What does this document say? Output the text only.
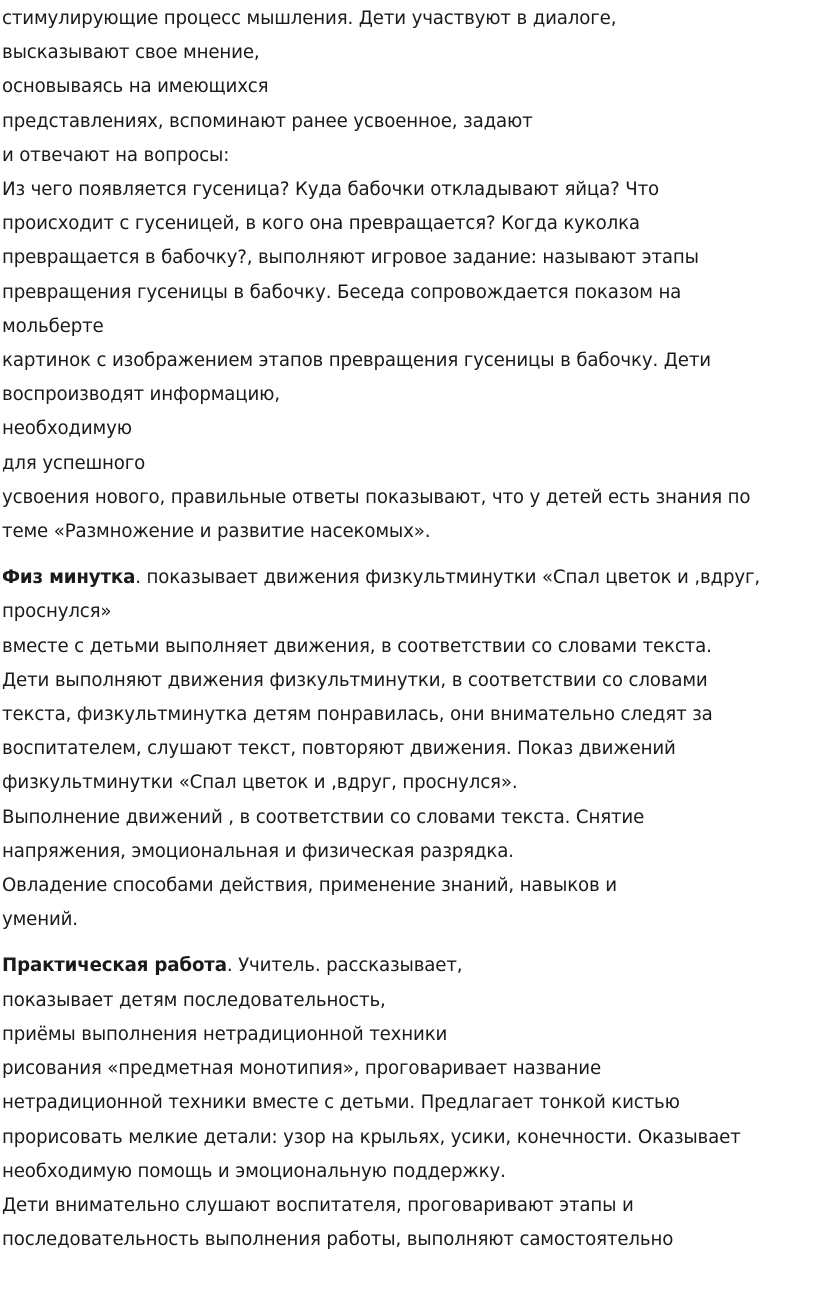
стимулирующие процесс мышления. Дети участвуют в диалоге,
высказывают свое мнение,
основываясь на имеющихся
представлениях, вспоминают ранее усвоенное, задают
и отвечают на вопросы:
Из чего появляется гусеница? Куда бабочки откладывают яйца? Что
происходит с гусеницей, в кого она превращается? Когда куколка
превращается в бабочку?, выполняют игровое задание: называют этапы
превращения гусеницы в бабочку. Беседа сопровождается показом на
мольберте
картинок с изображением этапов превращения гусеницы в бабочку. Дети
воспроизводят информацию,
необходимую
для успешного
усвоения нового, правильные ответы показывают, что у детей есть знания по
теме «Размножение и развитие насекомых».
Физ минутка. показывает движения физкультминутки «Спал цветок и ,вдруг,
проснулся»
вместе с детьми выполняет движения, в соответствии со словами текста.
Дети выполняют движения физкультминутки, в соответствии со словами
текста, физкультминутка детям понравилась, они внимательно следят за
воспитателем, слушают текст, повторяют движения. Показ движений
физкультминутки «Спал цветок и ,вдруг, проснулся».
Выполнение движений , в соответствии со словами текста. Снятие
напряжения, эмоциональная и физическая разрядка.
Овладение способами действия, применение знаний, навыков и
умений.
Практическая работа. Учитель. рассказывает,
показывает детям последовательность,
приёмы выполнения нетрадиционной техники
рисования «предметная монотипия», проговаривает название
нетрадиционной техники вместе с детьми. Предлагает тонкой кистью
прорисовать мелкие детали: узор на крыльях, усики, конечности. Оказывает
необходимую помощь и эмоциональную поддержку.
Дети внимательно слушают воспитателя, проговаривают этапы и
последовательность выполнения работы, выполняют самостоятельно
